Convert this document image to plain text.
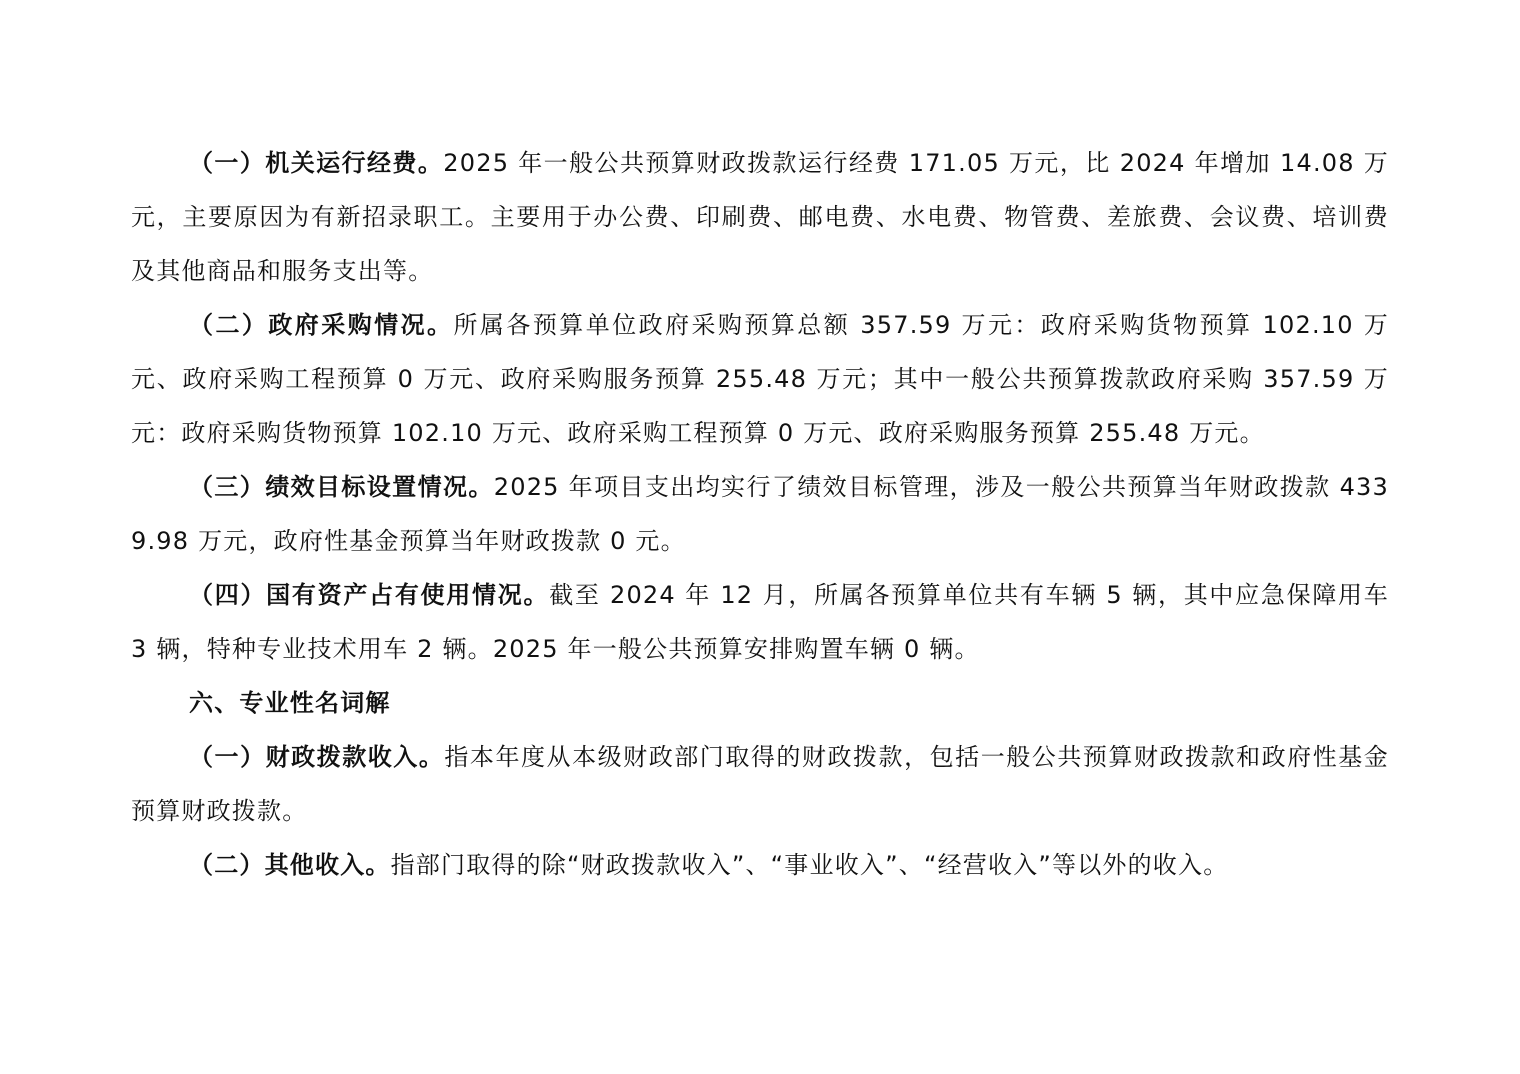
（一）机关运行经费。2025 年一般公共预算财政拨款运行经费 171.05 万元，比 2024 年增加 14.08 万元，主要原因为有新招录职工。主要用于办公费、印刷费、邮电费、水电费、物管费、差旅费、会议费、培训费及其他商品和服务支出等。

（二）政府采购情况。所属各预算单位政府采购预算总额 357.59 万元：政府采购货物预算 102.10 万元、政府采购工程预算 0 万元、政府采购服务预算 255.48 万元；其中一般公共预算拨款政府采购 357.59 万元：政府采购货物预算 102.10 万元、政府采购工程预算 0 万元、政府采购服务预算 255.48 万元。

（三）绩效目标设置情况。2025 年项目支出均实行了绩效目标管理，涉及一般公共预算当年财政拨款 4339.98 万元，政府性基金预算当年财政拨款 0 元。

（四）国有资产占有使用情况。截至 2024 年 12 月，所属各预算单位共有车辆 5 辆，其中应急保障用车 3 辆，特种专业技术用车 2 辆。2025 年一般公共预算安排购置车辆 0 辆。

六、专业性名词解

（一）财政拨款收入。指本年度从本级财政部门取得的财政拨款，包括一般公共预算财政拨款和政府性基金预算财政拨款。

（二）其他收入。指部门取得的除“财政拨款收入”、“事业收入”、“经营收入”等以外的收入。
